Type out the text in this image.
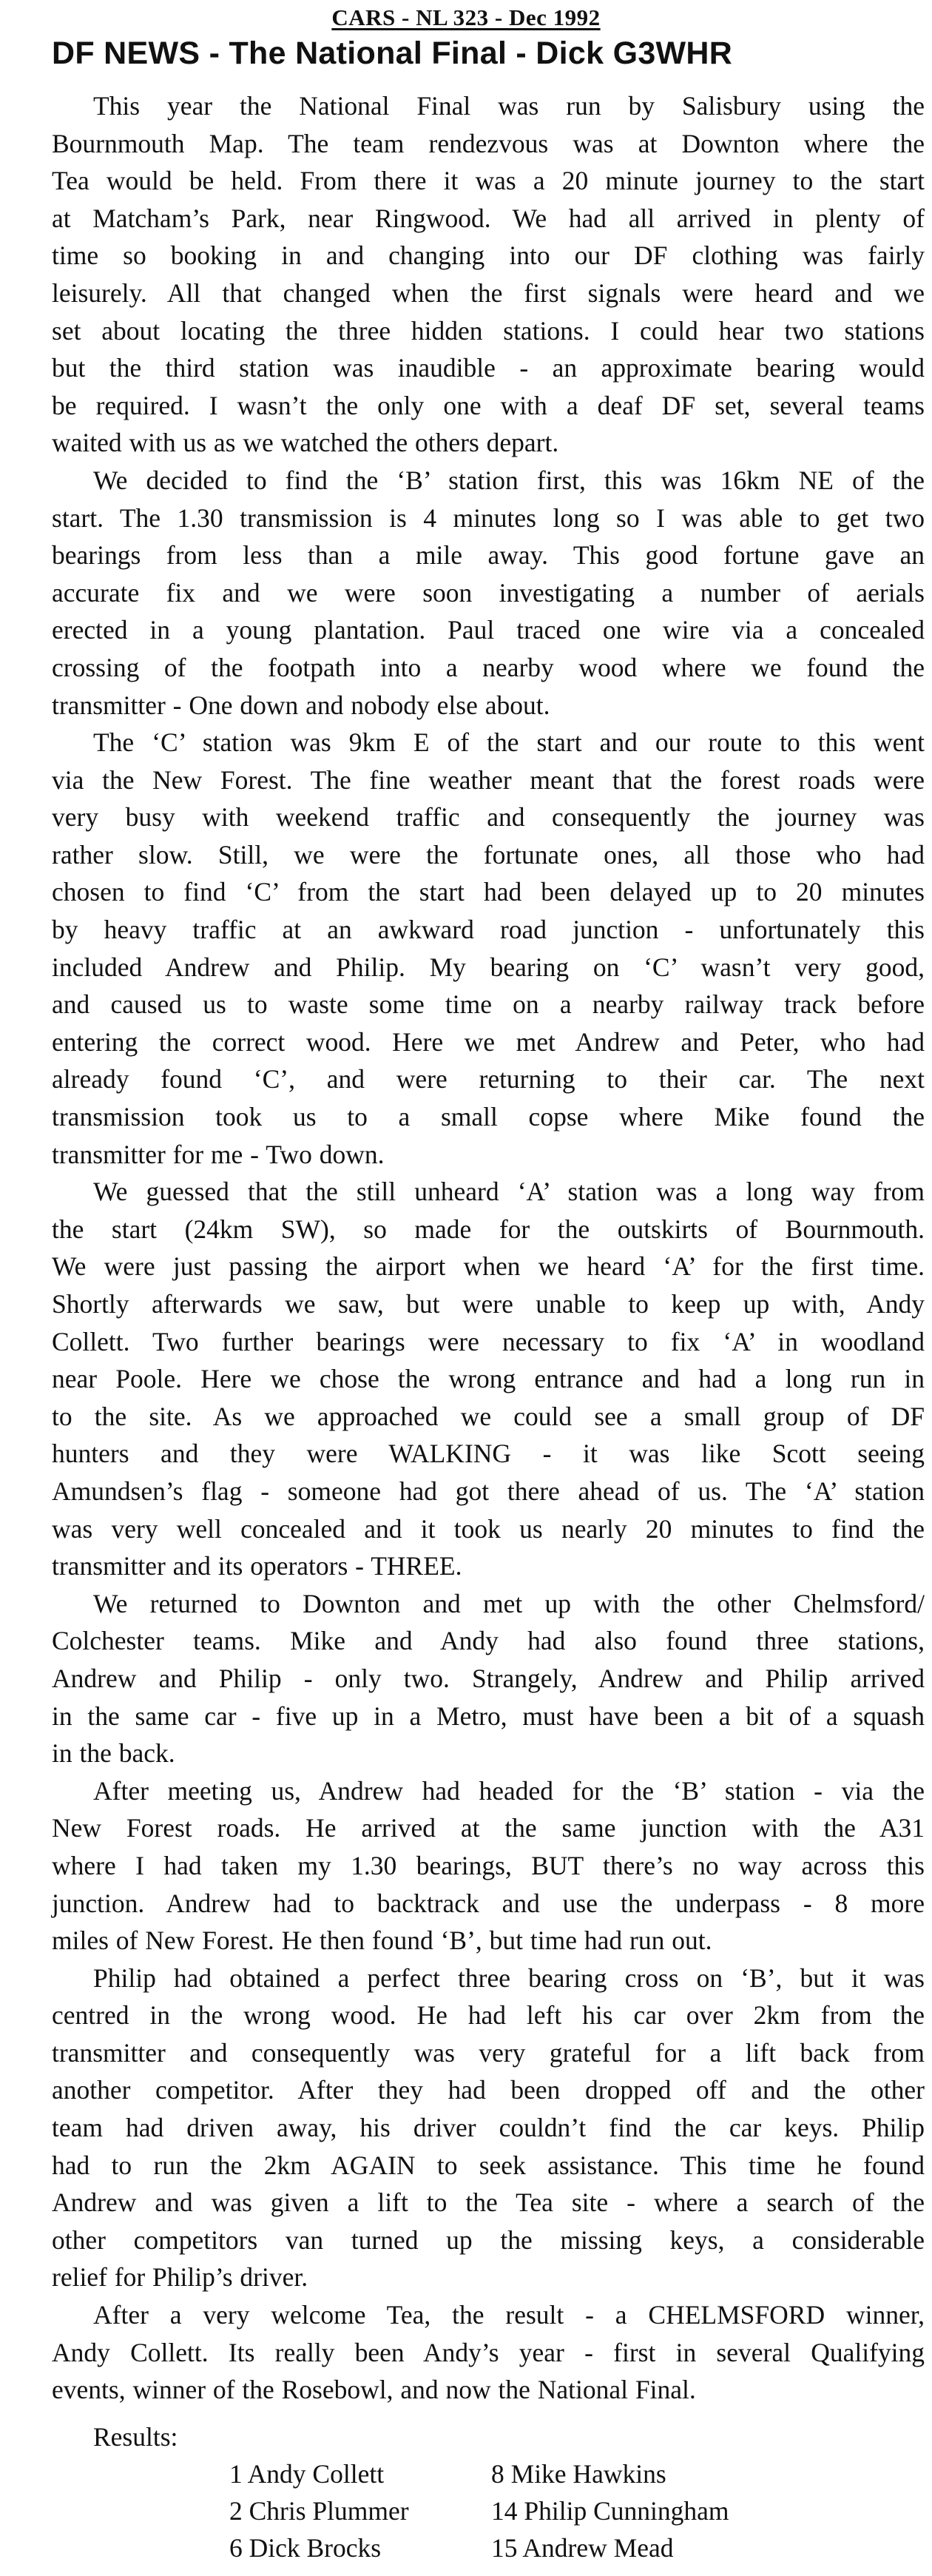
CARS - NL 323 - Dec 1992
DF NEWS - The National Final - Dick G3WHR
This year the National Final was run by Salisbury using the
Bournmouth Map. The team rendezvous was at Downton where the
Tea would be held. From there it was a 20 minute journey to the start
at Matcham’s Park, near Ringwood. We had all arrived in plenty of
time so booking in and changing into our DF clothing was fairly
leisurely. All that changed when the first signals were heard and we
set about locating the three hidden stations. I could hear two stations
but the third station was inaudible - an approximate bearing would
be required. I wasn’t the only one with a deaf DF set, several teams
waited with us as we watched the others depart.
We decided to find the ‘B’ station first, this was 16km NE of the
start. The 1.30 transmission is 4 minutes long so I was able to get two
bearings from less than a mile away. This good fortune gave an
accurate fix and we were soon investigating a number of aerials
erected in a young plantation. Paul traced one wire via a concealed
crossing of the footpath into a nearby wood where we found the
transmitter - One down and nobody else about.
The ‘C’ station was 9km E of the start and our route to this went
via the New Forest. The fine weather meant that the forest roads were
very busy with weekend traffic and consequently the journey was
rather slow. Still, we were the fortunate ones, all those who had
chosen to find ‘C’ from the start had been delayed up to 20 minutes
by heavy traffic at an awkward road junction - unfortunately this
included Andrew and Philip. My bearing on ‘C’ wasn’t very good,
and caused us to waste some time on a nearby railway track before
entering the correct wood. Here we met Andrew and Peter, who had
already found ‘C’, and were returning to their car. The next
transmission took us to a small copse where Mike found the
transmitter for me - Two down.
We guessed that the still unheard ‘A’ station was a long way from
the start (24km SW), so made for the outskirts of Bournmouth.
We were just passing the airport when we heard ‘A’ for the first time.
Shortly afterwards we saw, but were unable to keep up with, Andy
Collett. Two further bearings were necessary to fix ‘A’ in woodland
near Poole. Here we chose the wrong entrance and had a long run in
to the site. As we approached we could see a small group of DF
hunters and they were WALKING - it was like Scott seeing
Amundsen’s flag - someone had got there ahead of us. The ‘A’ station
was very well concealed and it took us nearly 20 minutes to find the
transmitter and its operators - THREE.
We returned to Downton and met up with the other Chelmsford/
Colchester teams. Mike and Andy had also found three stations,
Andrew and Philip - only two. Strangely, Andrew and Philip arrived
in the same car - five up in a Metro, must have been a bit of a squash
in the back.
After meeting us, Andrew had headed for the ‘B’ station - via the
New Forest roads. He arrived at the same junction with the A31
where I had taken my 1.30 bearings, BUT there’s no way across this
junction. Andrew had to backtrack and use the underpass - 8 more
miles of New Forest. He then found ‘B’, but time had run out.
Philip had obtained a perfect three bearing cross on ‘B’, but it was
centred in the wrong wood. He had left his car over 2km from the
transmitter and consequently was very grateful for a lift back from
another competitor. After they had been dropped off and the other
team had driven away, his driver couldn’t find the car keys. Philip
had to run the 2km AGAIN to seek assistance. This time he found
Andrew and was given a lift to the Tea site - where a search of the
other competitors van turned up the missing keys, a considerable
relief for Philip’s driver.
After a very welcome Tea, the result - a CHELMSFORD winner,
Andy Collett. Its really been Andy’s year - first in several Qualifying
events, winner of the Rosebowl, and now the National Final.
Results:
1 Andy Collett
2 Chris Plummer
6 Dick Brocks
8 Mike Hawkins
14 Philip Cunningham
15 Andrew Mead
